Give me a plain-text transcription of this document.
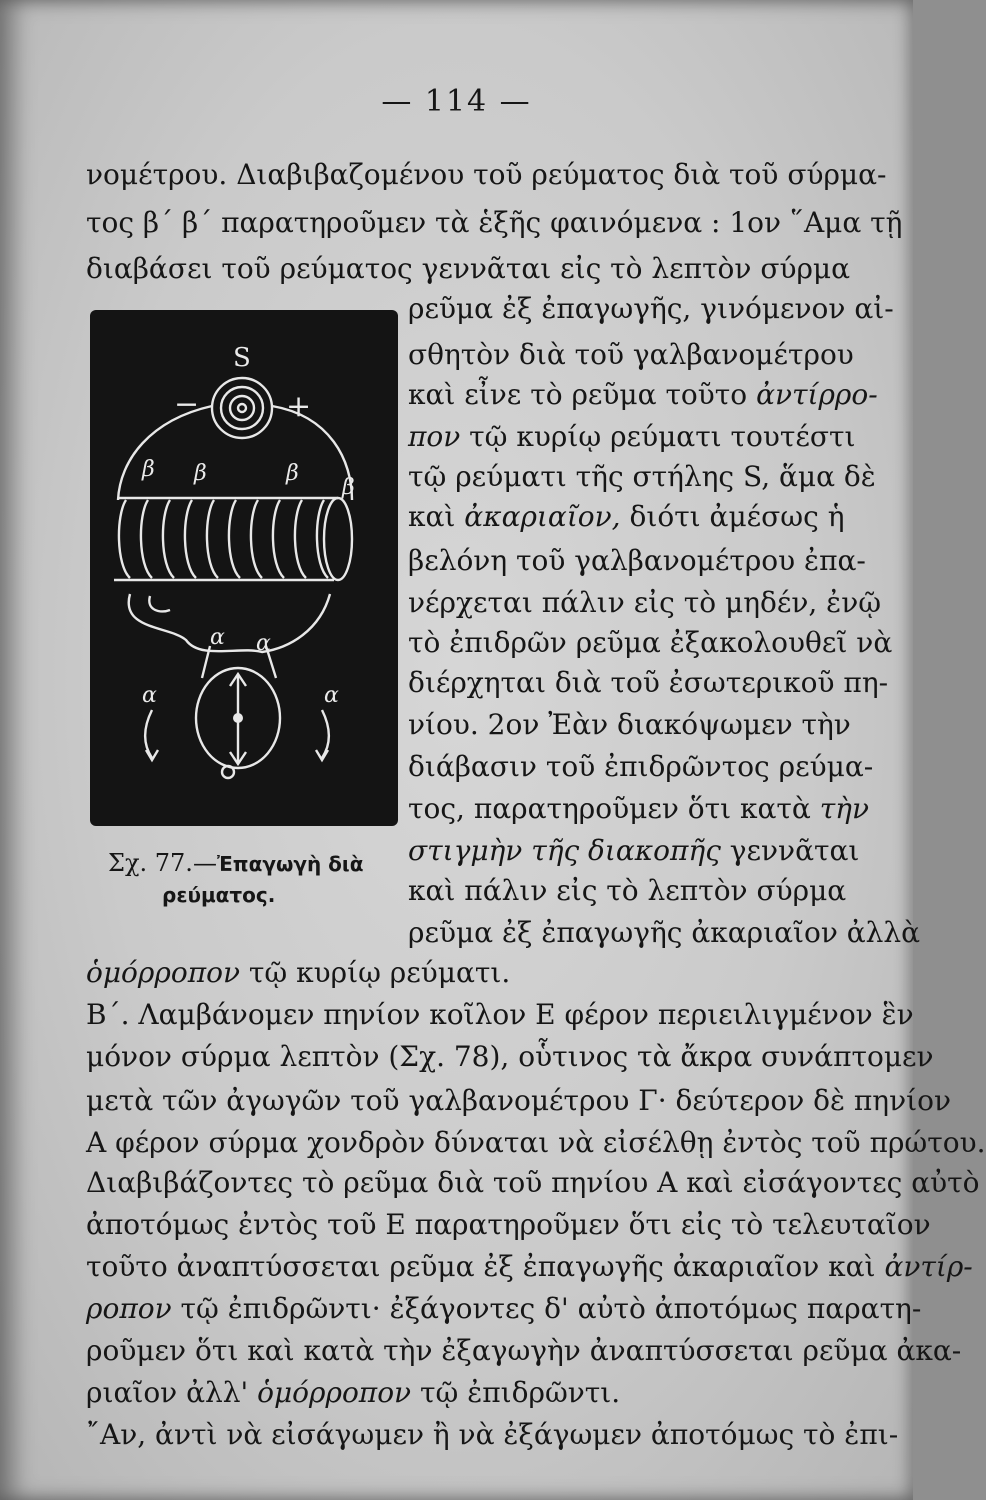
— 114 —
νομέτρου. Διαβιβαζομένου τοῦ ρεύματος διὰ τοῦ σύρμα-
τος β΄ β΄ παρατηροῦμεν τὰ ἑξῆς φαινόμενα : 1ον ῞Αμα τῇ
διαβάσει τοῦ ρεύματος γεννᾶται εἰς τὸ λεπτὸν σύρμα
S
−	+
β β	β
β
α α
α	α
Σχ. 77.—Ἐπαγωγὴ διὰ
ρεύματος.
ρεῦμα ἐξ ἐπαγωγῆς, γινόμενον αἰ-
σθητὸν διὰ τοῦ γαλβανομέτρου
καὶ εἶνε τὸ ρεῦμα τοῦτο ἀντίρρο-
πον τῷ κυρίῳ ρεύματι τουτέστι
τῷ ρεύματι τῆς στήλης S, ἅμα δὲ
καὶ ἀκαριαῖον, διότι ἀμέσως ἡ
βελόνη τοῦ γαλβανομέτρου ἐπα-
νέρχεται πάλιν εἰς τὸ μηδέν, ἐνῷ
τὸ ἐπιδρῶν ρεῦμα ἐξακολουθεῖ νὰ
διέρχηται διὰ τοῦ ἐσωτερικοῦ πη-
νίου. 2ον Ἐὰν διακόψωμεν τὴν
διάβασιν τοῦ ἐπιδρῶντος ρεύμα-
τος, παρατηροῦμεν ὅτι κατὰ τὴν
στιγμὴν τῆς διακοπῆς γεννᾶται
καὶ πάλιν εἰς τὸ λεπτὸν σύρμα
ρεῦμα ἐξ ἐπαγωγῆς ἀκαριαῖον ἀλλὰ
ὁμόρροπον τῷ κυρίῳ ρεύματι.
Β΄. Λαμβάνομεν πηνίον κοῖλον E φέρον περιειλιγμένον ἓν
μόνον σύρμα λεπτὸν (Σχ. 78), οὗτινος τὰ ἄκρα συνάπτομεν
μετὰ τῶν ἀγωγῶν τοῦ γαλβανομέτρου Γ· δεύτερον δὲ πηνίον
A φέρον σύρμα χονδρὸν δύναται νὰ εἰσέλθῃ ἐντὸς τοῦ πρώτου.
Διαβιβάζοντες τὸ ρεῦμα διὰ τοῦ πηνίου A καὶ εἰσάγοντες αὐτὸ
ἀποτόμως ἐντὸς τοῦ E παρατηροῦμεν ὅτι εἰς τὸ τελευταῖον
τοῦτο ἀναπτύσσεται ρεῦμα ἐξ ἐπαγωγῆς ἀκαριαῖον καὶ ἀντίρ-
ροπον τῷ ἐπιδρῶντι· ἐξάγοντες δ' αὐτὸ ἀποτόμως παρατη-
ροῦμεν ὅτι καὶ κατὰ τὴν ἐξαγωγὴν ἀναπτύσσεται ρεῦμα ἀκα-
ριαῖον ἀλλ' ὁμόρροπον τῷ ἐπιδρῶντι.
῎Αν, ἀντὶ νὰ εἰσάγωμεν ἢ νὰ ἐξάγωμεν ἀποτόμως τὸ ἐπι-
